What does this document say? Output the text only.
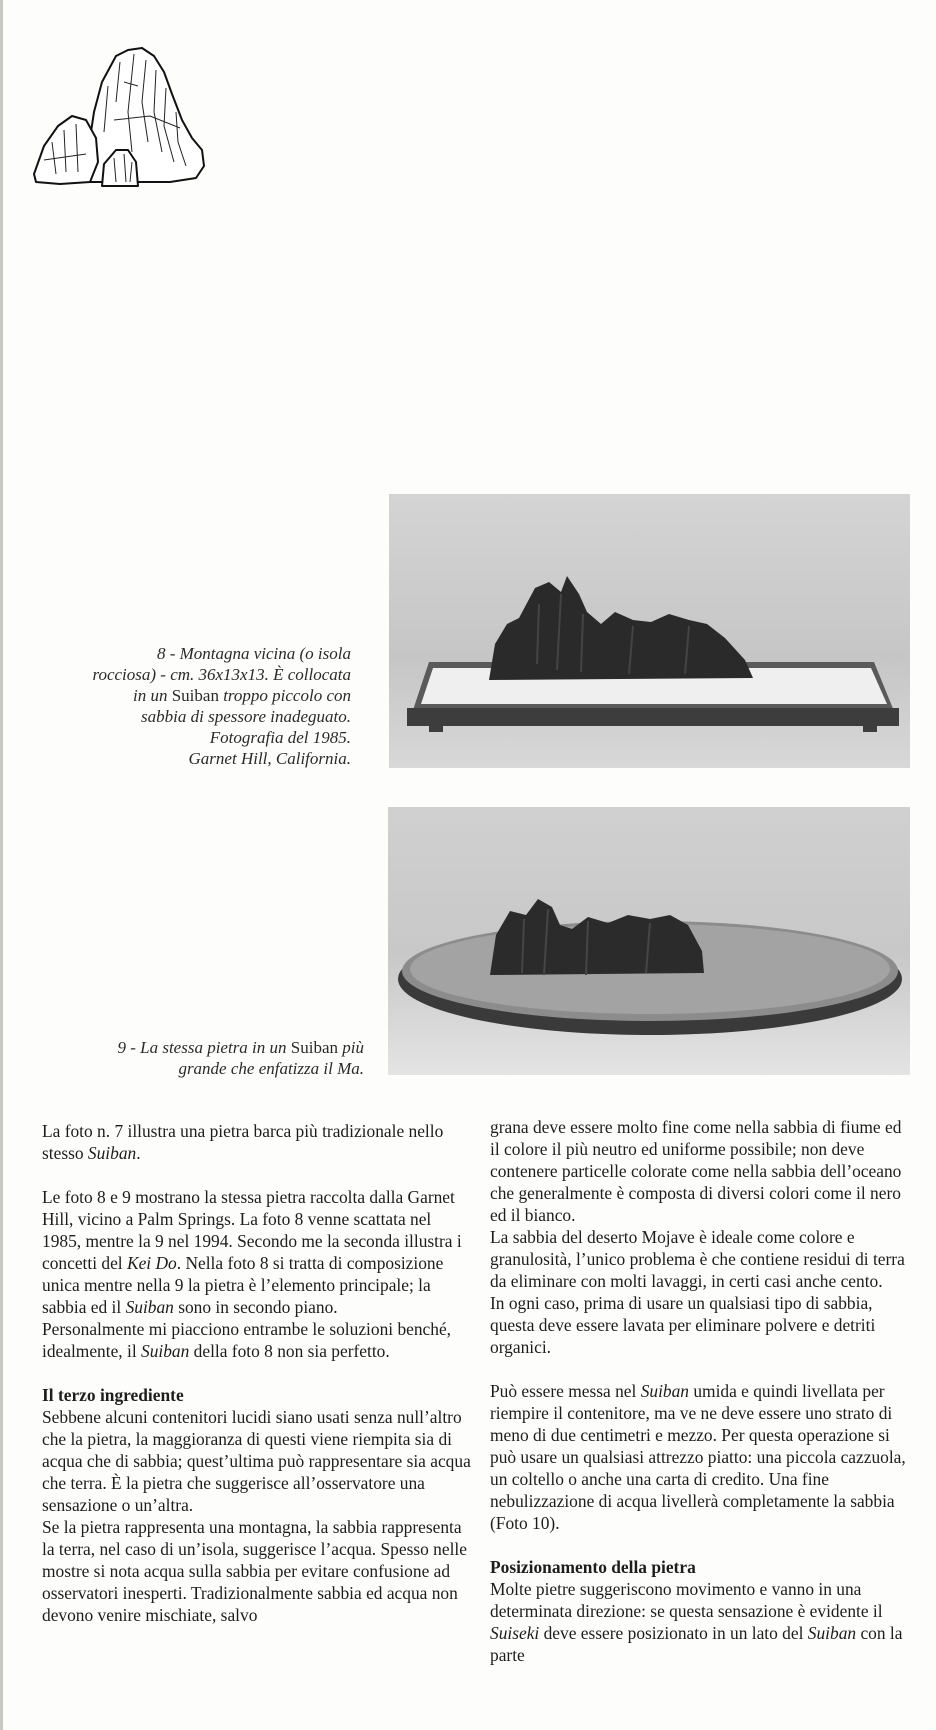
8 - Montagna vicina (o isola
rocciosa) - cm. 36x13x13. È collocata
in un Suiban troppo piccolo con
sabbia di spessore inadeguato.
Fotografia del 1985.
Garnet Hill, California.
9 - La stessa pietra in un Suiban più
grande che enfatizza il Ma.

La foto n. 7 illustra una pietra barca più tradizionale nello stesso Suiban.

Le foto 8 e 9 mostrano la stessa pietra raccolta dalla Garnet Hill, vicino a Palm Springs. La foto 8 venne scattata nel 1985, mentre la 9 nel 1994. Secondo me la seconda illustra i concetti del Kei Do. Nella foto 8 si tratta di composizione unica mentre nella 9 la pietra è l’elemento principale; la sabbia ed il Suiban sono in secondo piano.

Personalmente mi piacciono entrambe le soluzioni benché, idealmente, il Suiban della foto 8 non sia perfetto.

Il terzo ingrediente

Sebbene alcuni contenitori lucidi siano usati senza null’altro che la pietra, la maggioranza di questi viene riempita sia di acqua che di sabbia; quest’ultima può rappresentare sia acqua che terra. È la pietra che suggerisce all’osservatore una sensazione o un’altra.

Se la pietra rappresenta una montagna, la sabbia rappresenta la terra, nel caso di un’isola, suggerisce l’acqua. Spesso nelle mostre si nota acqua sulla sabbia per evitare confusione ad osservatori inesperti. Tradizionalmente sabbia ed acqua non devono venire mischiate, salvo

grana deve essere molto fine come nella sabbia di fiume ed il colore il più neutro ed uniforme possibile; non deve contenere particelle colorate come nella sabbia dell’oceano che generalmente è composta di diversi colori come il nero ed il bianco.

La sabbia del deserto Mojave è ideale come colore e granulosità, l’unico problema è che contiene residui di terra da eliminare con molti lavaggi, in certi casi anche cento.

In ogni caso, prima di usare un qualsiasi tipo di sabbia, questa deve essere lavata per eliminare polvere e detriti organici.

Può essere messa nel Suiban umida e quindi livellata per riempire il contenitore, ma ve ne deve essere uno strato di meno di due centimetri e mezzo. Per questa operazione si può usare un qualsiasi attrezzo piatto: una piccola cazzuola, un coltello o anche una carta di credito. Una fine nebulizzazione di acqua livellerà completamente la sabbia (Foto 10).

Posizionamento della pietra

Molte pietre suggeriscono movimento e vanno in una determinata direzione: se questa sensazione è evidente il Suiseki deve essere posizionato in un lato del Suiban con la parte
